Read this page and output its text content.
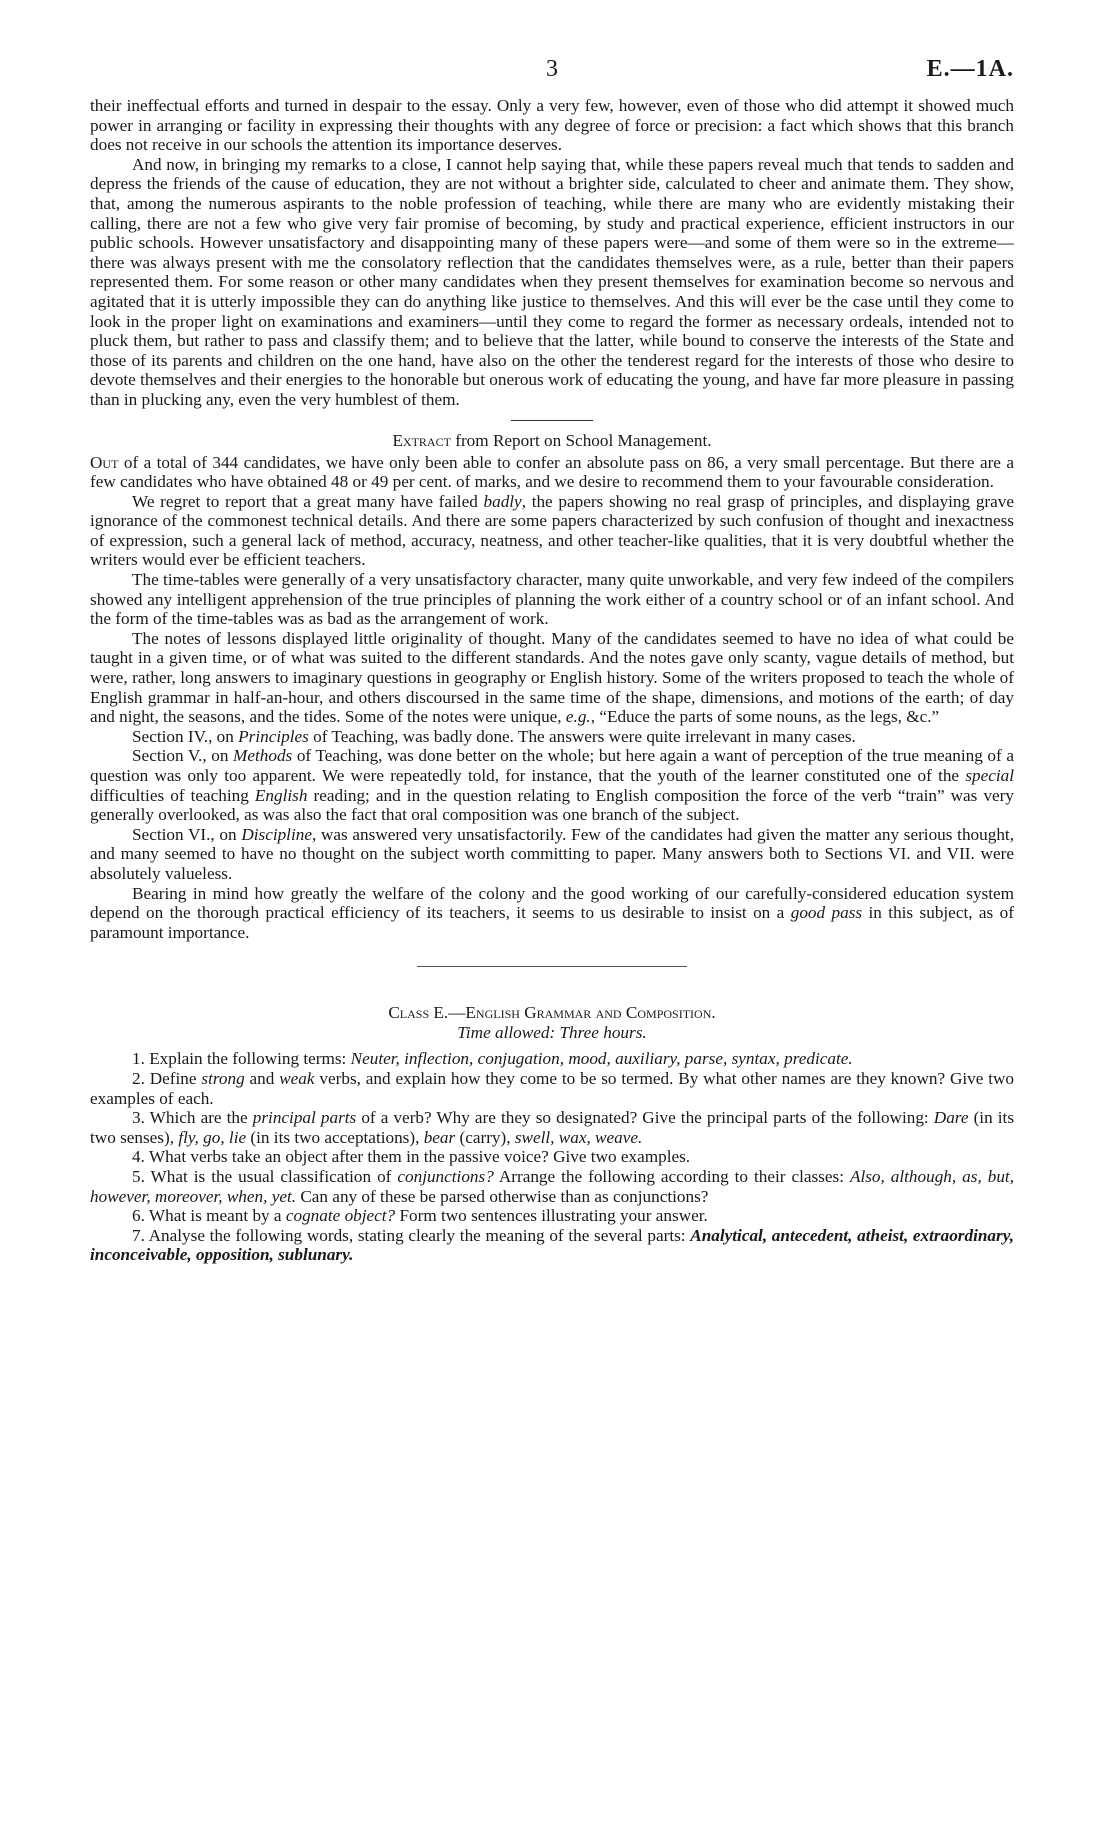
3	E.—1A.

their ineffectual efforts and turned in despair to the essay. Only a very few, however, even of those who did attempt it showed much power in arranging or facility in expressing their thoughts with any degree of force or precision: a fact which shows that this branch does not receive in our schools the attention its importance deserves.

And now, in bringing my remarks to a close, I cannot help saying that, while these papers reveal much that tends to sadden and depress the friends of the cause of education, they are not without a brighter side, calculated to cheer and animate them. They show, that, among the numerous aspirants to the noble profession of teaching, while there are many who are evidently mistaking their calling, there are not a few who give very fair promise of becoming, by study and practical experience, efficient instructors in our public schools. However unsatisfactory and disappointing many of these papers were—and some of them were so in the extreme—there was always present with me the consolatory reflection that the candidates themselves were, as a rule, better than their papers represented them. For some reason or other many candidates when they present themselves for examination become so nervous and agitated that it is utterly impossible they can do anything like justice to themselves. And this will ever be the case until they come to look in the proper light on examinations and examiners—until they come to regard the former as necessary ordeals, intended not to pluck them, but rather to pass and classify them; and to believe that the latter, while bound to conserve the interests of the State and those of its parents and children on the one hand, have also on the other the tenderest regard for the interests of those who desire to devote themselves and their energies to the honorable but onerous work of educating the young, and have far more pleasure in passing than in plucking any, even the very humblest of them.

Extract from Report on School Management.

Out of a total of 344 candidates, we have only been able to confer an absolute pass on 86, a very small percentage. But there are a few candidates who have obtained 48 or 49 per cent. of marks, and we desire to recommend them to your favourable consideration.

We regret to report that a great many have failed badly, the papers showing no real grasp of principles, and displaying grave ignorance of the commonest technical details. And there are some papers characterized by such confusion of thought and inexactness of expression, such a general lack of method, accuracy, neatness, and other teacher-like qualities, that it is very doubtful whether the writers would ever be efficient teachers.

The time-tables were generally of a very unsatisfactory character, many quite unworkable, and very few indeed of the compilers showed any intelligent apprehension of the true principles of planning the work either of a country school or of an infant school. And the form of the time-tables was as bad as the arrangement of work.

The notes of lessons displayed little originality of thought. Many of the candidates seemed to have no idea of what could be taught in a given time, or of what was suited to the different standards. And the notes gave only scanty, vague details of method, but were, rather, long answers to imaginary questions in geography or English history. Some of the writers proposed to teach the whole of English grammar in half-an-hour, and others discoursed in the same time of the shape, dimensions, and motions of the earth; of day and night, the seasons, and the tides. Some of the notes were unique, e.g., “Educe the parts of some nouns, as the legs, &c.”

Section IV., on Principles of Teaching, was badly done. The answers were quite irrelevant in many cases.

Section V., on Methods of Teaching, was done better on the whole; but here again a want of perception of the true meaning of a question was only too apparent. We were repeatedly told, for instance, that the youth of the learner constituted one of the special difficulties of teaching English reading; and in the question relating to English composition the force of the verb “train” was very generally overlooked, as was also the fact that oral composition was one branch of the subject.

Section VI., on Discipline, was answered very unsatisfactorily. Few of the candidates had given the matter any serious thought, and many seemed to have no thought on the subject worth committing to paper. Many answers both to Sections VI. and VII. were absolutely valueless.

Bearing in mind how greatly the welfare of the colony and the good working of our carefully-considered education system depend on the thorough practical efficiency of its teachers, it seems to us desirable to insist on a good pass in this subject, as of paramount importance.

Class E.—English Grammar and Composition.
Time allowed: Three hours.

1. Explain the following terms: Neuter, inflection, conjugation, mood, auxiliary, parse, syntax, predicate.

2. Define strong and weak verbs, and explain how they come to be so termed. By what other names are they known? Give two examples of each.

3. Which are the principal parts of a verb? Why are they so designated? Give the principal parts of the following: Dare (in its two senses), fly, go, lie (in its two acceptations), bear (carry), swell, wax, weave.

4. What verbs take an object after them in the passive voice? Give two examples.

5. What is the usual classification of conjunctions? Arrange the following according to their classes: Also, although, as, but, however, moreover, when, yet. Can any of these be parsed otherwise than as conjunctions?

6. What is meant by a cognate object? Form two sentences illustrating your answer.

7. Analyse the following words, stating clearly the meaning of the several parts: Analytical, antecedent, atheist, extraordinary, inconceivable, opposition, sublunary.
